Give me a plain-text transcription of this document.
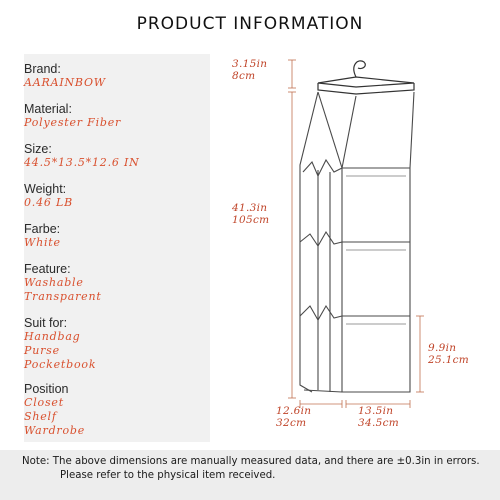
PRODUCT INFORMATION
Brand:
AARAINBOW
Material:
Polyester Fiber
Size:
44.5*13.5*12.6 IN
Weight:
0.46 LB
Farbe:
White
Feature:
Washable
Transparent
Suit for:
Handbag
Purse
Pocketbook
Position
Closet
Shelf
Wardrobe
3.15in
8cm
41.3in
105cm
9.9in
25.1cm
12.6in
32cm
13.5in
34.5cm
Note: The above dimensions are manually measured data, and there are ±0.3in in errors.
Please refer to the physical item received.
